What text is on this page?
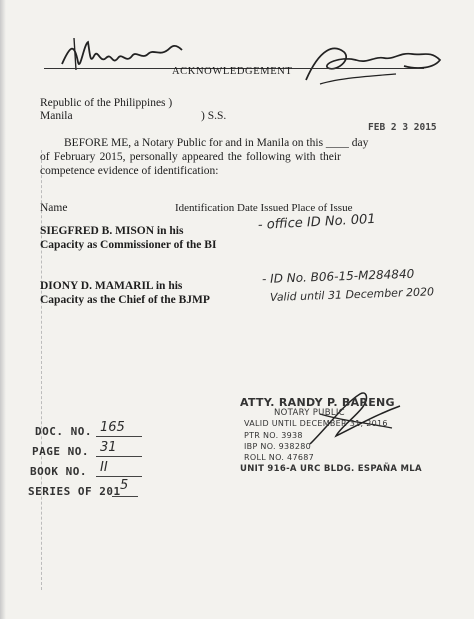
ACKNOWLEDGEMENT
Republic of the Philippines )
Manila	) S.S.
FEB 2 3 2015
BEFORE ME, a Notary Public for and in Manila on this ____ day
of February 2015, personally appeared the following with their
competence evidence of identification:
Name	Identification Date Issued Place of Issue
SIEGFRED B. MISON in his
Capacity as Commissioner of the BI
- office ID No. 001
DIONY D. MAMARIL in his
Capacity as the Chief of the BJMP
- ID No. B06-15-M284840
Valid until 31 December 2020
ATTY. RANDY P. BARENG
NOTARY PUBLIC
VALID UNTIL DECEMBER 31, 2016
PTR NO. 3938
IBP NO. 938280
ROLL NO. 47687
UNIT 916-A URC BLDG. ESPAÑA MLA
DOC. NO. 165
PAGE NO. 31
BOOK NO. II
SERIES OF 201 5
